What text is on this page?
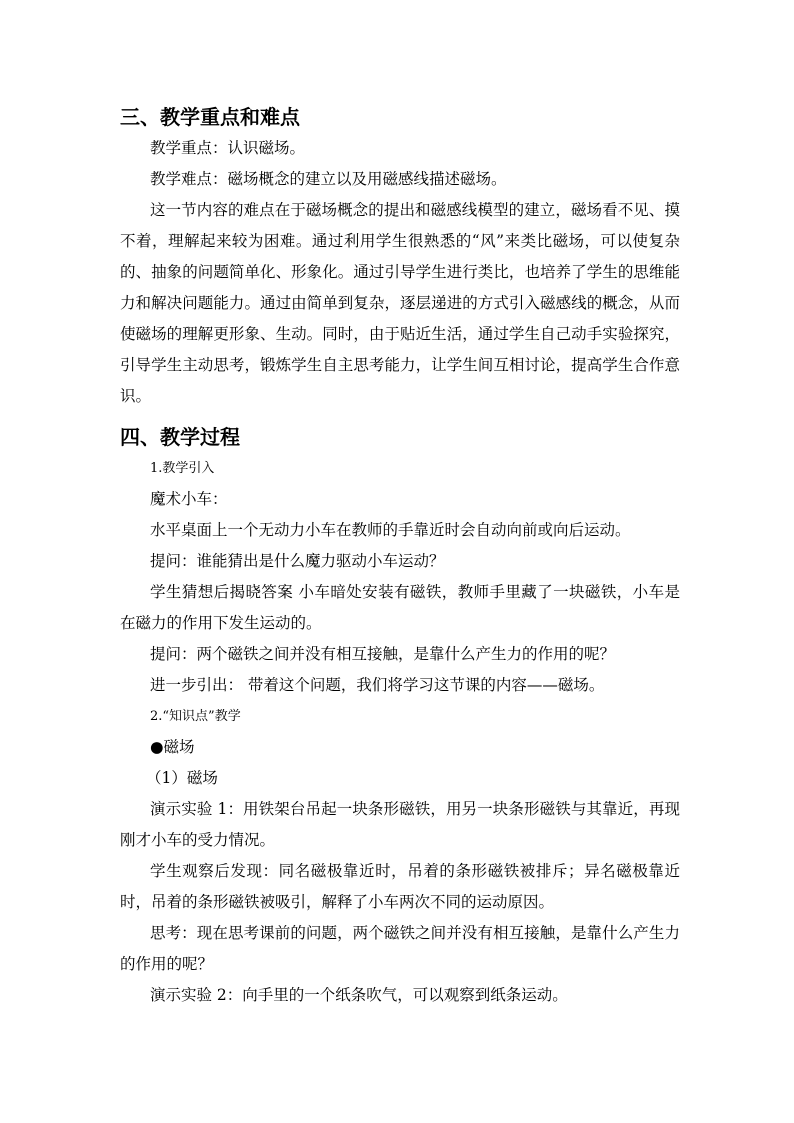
三、教学重点和难点

教学重点：认识磁场。

教学难点：磁场概念的建立以及用磁感线描述磁场。

这一节内容的难点在于磁场概念的提出和磁感线模型的建立，磁场看不见、摸不着，理解起来较为困难。通过利用学生很熟悉的“风”来类比磁场，可以使复杂的、抽象的问题简单化、形象化。通过引导学生进行类比，也培养了学生的思维能力和解决问题能力。通过由简单到复杂，逐层递进的方式引入磁感线的概念，从而使磁场的理解更形象、生动。同时，由于贴近生活，通过学生自己动手实验探究，引导学生主动思考，锻炼学生自主思考能力，让学生间互相讨论，提高学生合作意识。

四、教学过程

1.教学引入

魔术小车：

水平桌面上一个无动力小车在教师的手靠近时会自动向前或向后运动。

提问：谁能猜出是什么魔力驱动小车运动？

学生猜想后揭晓答案 小车暗处安装有磁铁，教师手里藏了一块磁铁，小车是在磁力的作用下发生运动的。

提问：两个磁铁之间并没有相互接触，是靠什么产生力的作用的呢？

进一步引出： 带着这个问题，我们将学习这节课的内容——磁场。

2.“知识点”教学

●磁场

（1）磁场

演示实验 1：用铁架台吊起一块条形磁铁，用另一块条形磁铁与其靠近，再现刚才小车的受力情况。

学生观察后发现：同名磁极靠近时，吊着的条形磁铁被排斥；异名磁极靠近时，吊着的条形磁铁被吸引，解释了小车两次不同的运动原因。

思考：现在思考课前的问题，两个磁铁之间并没有相互接触，是靠什么产生力的作用的呢？

演示实验 2：向手里的一个纸条吹气，可以观察到纸条运动。
